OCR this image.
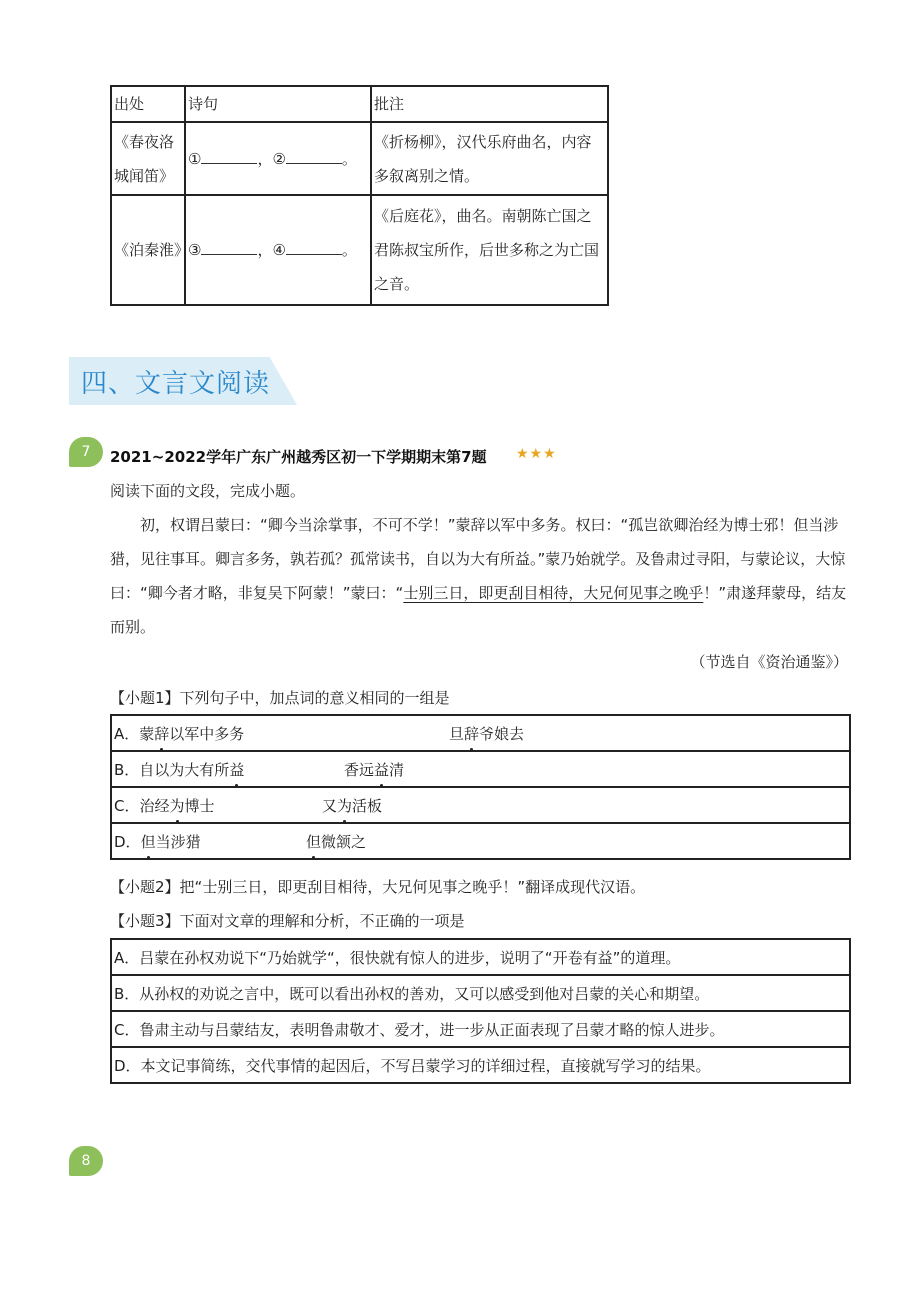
出处	诗句	批注
《春夜洛城闻笛》	① ，② 。	《折杨柳》，汉代乐府曲名，内容多叙离别之情。
《泊秦淮》	③ ，④ 。	《后庭花》，曲名。南朝陈亡国之君陈叔宝所作，后世多称之为亡国之音。
四、文言文阅读
7	2021~2022学年广东广州越秀区初一下学期期末第7题 ★★★
阅读下面的文段，完成小题。
初，权谓吕蒙曰：“卿今当涂掌事，不可不学！”蒙辞以军中多务。权曰：“孤岂欲卿治经为博士邪！但当涉猎，见往事耳。卿言多务，孰若孤？孤常读书，自以为大有所益。”蒙乃始就学。及鲁肃过寻阳，与蒙论议，大惊曰：“卿今者才略，非复吴下阿蒙！”蒙曰：“士别三日，即更刮目相待，大兄何见事之晚乎！”肃遂拜蒙母，结友而别。
（节选自《资治通鉴》）
【小题1】下列句子中，加点词的意义相同的一组是
A．蒙辞以军中多务	旦辞爷娘去

B．自以为大有所益	香远益清

C．治经为博士	又为活板

D．但当涉猎	但微颔之
【小题2】把“士别三日，即更刮目相待，大兄何见事之晚乎！”翻译成现代汉语。
【小题3】下面对文章的理解和分析，不正确的一项是
A．吕蒙在孙权劝说下“乃始就学“，很快就有惊人的进步，说明了“开卷有益”的道理。
B．从孙权的劝说之言中，既可以看出孙权的善劝，又可以感受到他对吕蒙的关心和期望。
C．鲁肃主动与吕蒙结友，表明鲁肃敬才、爱才，进一步从正面表现了吕蒙才略的惊人进步。
D．本文记事简练，交代事情的起因后，不写吕蒙学习的详细过程，直接就写学习的结果。
8
